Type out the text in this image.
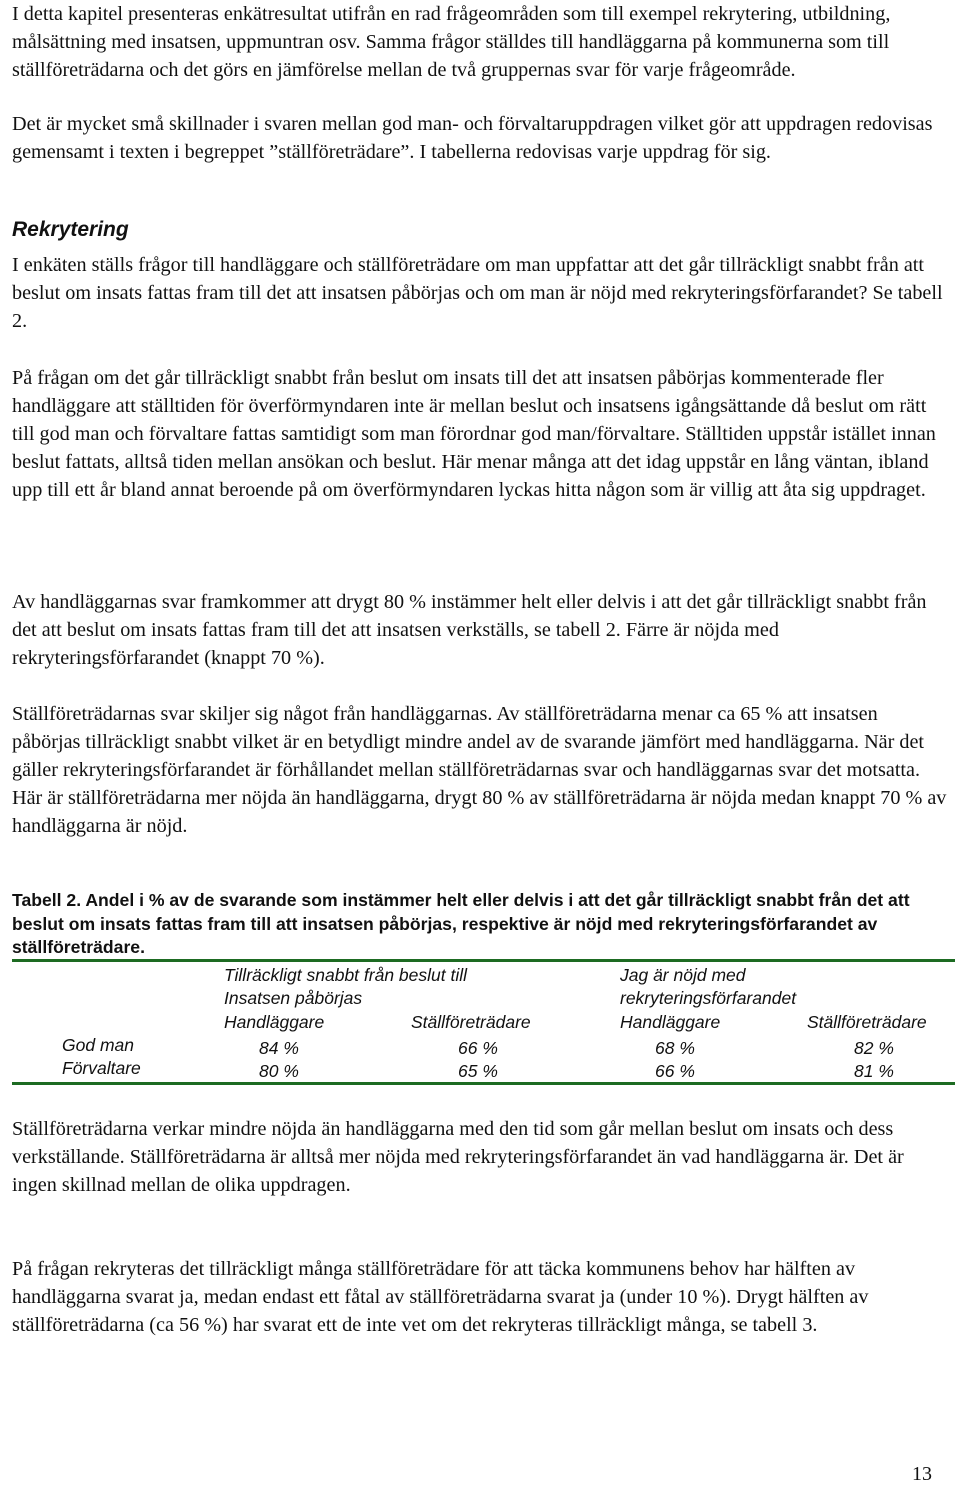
I detta kapitel presenteras enkätresultat utifrån en rad frågeområden som till exempel rekrytering, utbildning, målsättning med insatsen, uppmuntran osv. Samma frågor ställdes till handläggarna på kommunerna som till ställföreträdarna och det görs en jämförelse mellan de två gruppernas svar för varje frågeområde.

Det är mycket små skillnader i svaren mellan god man- och förvaltaruppdragen vilket gör att uppdragen redovisas gemensamt i texten i begreppet ”ställföreträdare”. I tabellerna redovisas varje uppdrag för sig.

Rekrytering

I enkäten ställs frågor till handläggare och ställföreträdare om man uppfattar att det går tillräckligt snabbt från att beslut om insats fattas fram till det att insatsen påbörjas och om man är nöjd med rekryteringsförfarandet? Se tabell 2.

På frågan om det går tillräckligt snabbt från beslut om insats till det att insatsen påbörjas kommenterade fler handläggare att ställtiden för överförmyndaren inte är mellan beslut och insatsens igångsättande då beslut om rätt till god man och förvaltare fattas samtidigt som man förordnar god man/förvaltare. Ställtiden uppstår istället innan beslut fattats, alltså tiden mellan ansökan och beslut. Här menar många att det idag uppstår en lång väntan, ibland upp till ett år bland annat beroende på om överförmyndaren lyckas hitta någon som är villig att åta sig uppdraget.

Av handläggarnas svar framkommer att drygt 80 % instämmer helt eller delvis i att det går tillräckligt snabbt från det att beslut om insats fattas fram till det att insatsen verkställs, se tabell 2. Färre är nöjda med rekryteringsförfarandet (knappt 70 %).

Ställföreträdarnas svar skiljer sig något från handläggarnas. Av ställföreträdarna menar ca 65 % att insatsen påbörjas tillräckligt snabbt vilket är en betydligt mindre andel av de svarande jämfört med handläggarna. När det gäller rekryteringsförfarandet är förhållandet mellan ställföreträdarnas svar och handläggarnas svar det motsatta. Här är ställföreträdarna mer nöjda än handläggarna, drygt 80 % av ställföreträdarna är nöjda medan knappt 70 % av handläggarna är nöjd.

Tabell 2. Andel i % av de svarande som instämmer helt eller delvis i att det går tillräckligt snabbt från det att beslut om insats fattas fram till att insatsen påbörjas, respektive är nöjd med rekryteringsförfarandet av ställföreträdare.

Tillräckligt snabbt från beslut till
Insatsen påbörjas
Jag är nöjd med
rekryteringsförfarandet
Handläggare	Ställföreträdare	Handläggare	Ställföreträdare
God man	84 %	66 %	68 %	82 %
Förvaltare	80 %	65 %	66 %	81 %

Ställföreträdarna verkar mindre nöjda än handläggarna med den tid som går mellan beslut om insats och dess verkställande. Ställföreträdarna är alltså mer nöjda med rekryteringsförfarandet än vad handläggarna är. Det är ingen skillnad mellan de olika uppdragen.

På frågan rekryteras det tillräckligt många ställföreträdare för att täcka kommunens behov har hälften av handläggarna svarat ja, medan endast ett fåtal av ställföreträdarna svarat ja (under 10 %). Drygt hälften av ställföreträdarna (ca 56 %) har svarat ett de inte vet om det rekryteras tillräckligt många, se tabell 3.

13
